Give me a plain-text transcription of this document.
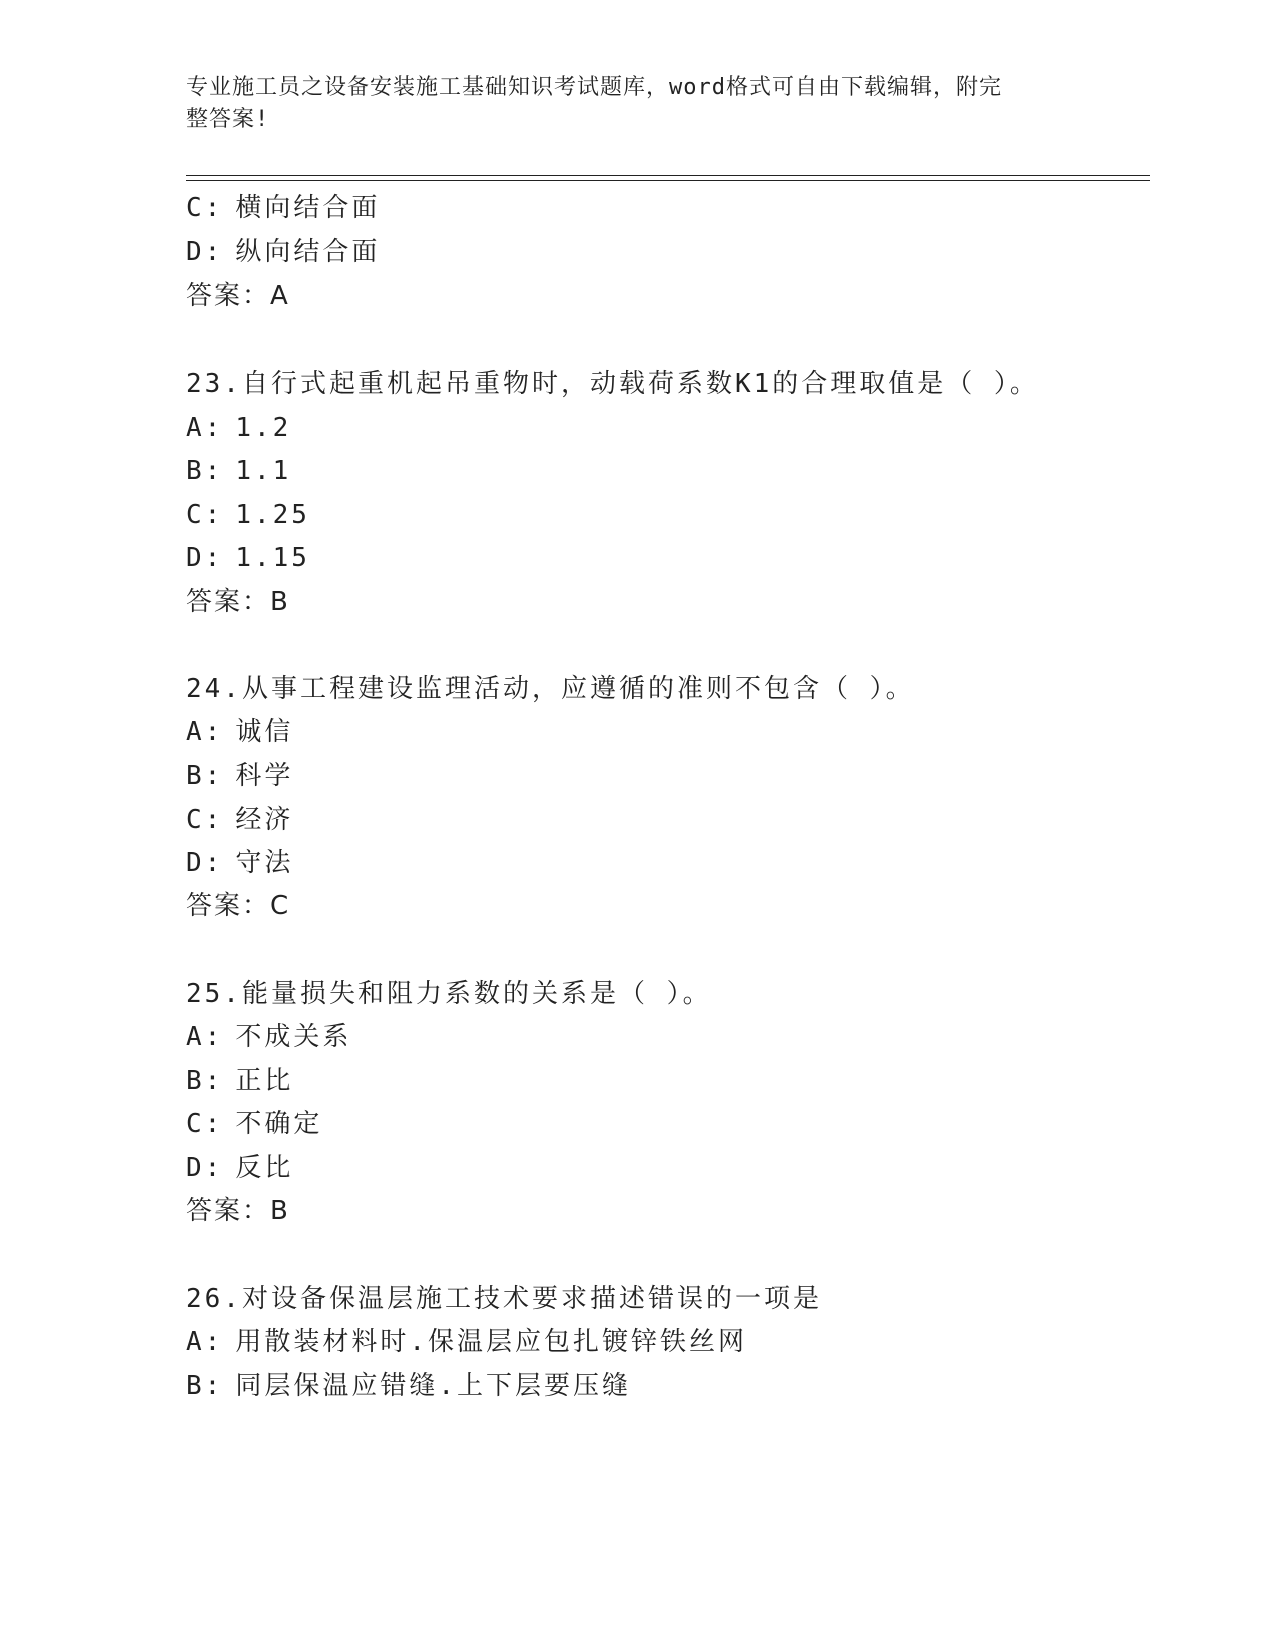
专业施工员之设备安装施工基础知识考试题库，word格式可自由下载编辑，附完
整答案!
C: 横向结合面
D: 纵向结合面
答案：A
23.自行式起重机起吊重物时，动载荷系数K1的合理取值是（ ）。
A: 1.2
B: 1.1
C: 1.25
D: 1.15
答案：B
24.从事工程建设监理活动，应遵循的准则不包含（ ）。
A: 诚信
B: 科学
C: 经济
D: 守法
答案：C
25.能量损失和阻力系数的关系是（ ）。
A: 不成关系
B: 正比
C: 不确定
D: 反比
答案：B
26.对设备保温层施工技术要求描述错误的一项是
A: 用散装材料时.保温层应包扎镀锌铁丝网
B: 同层保温应错缝.上下层要压缝
